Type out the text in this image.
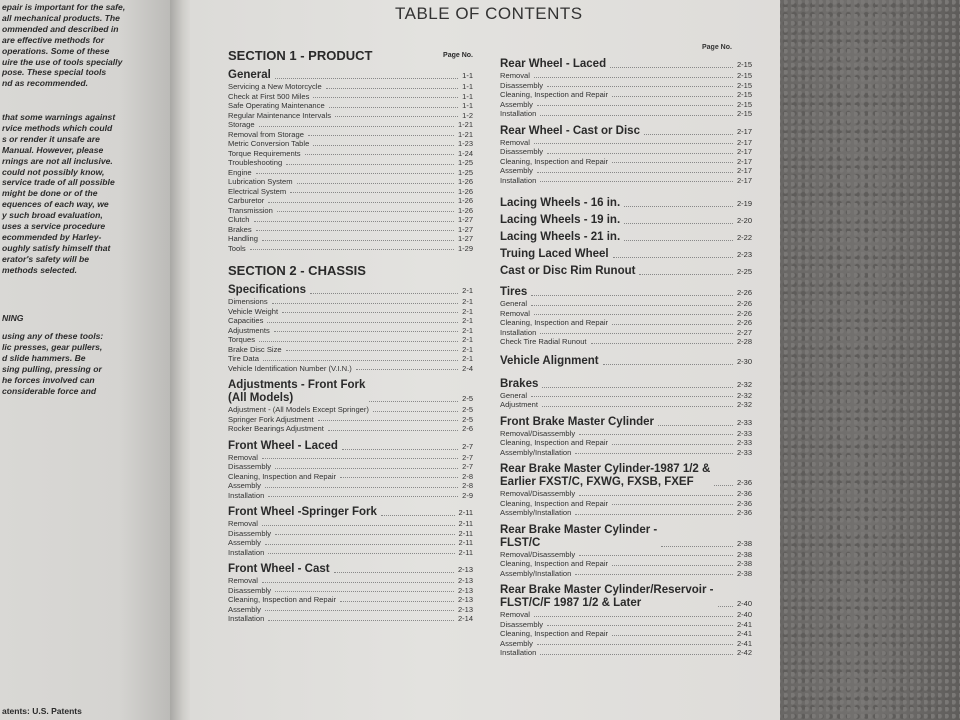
epair is important for the safe,
all mechanical products. The
ommended and described in
are effective methods for
operations. Some of these
uire the use of tools specially
pose. These special tools
nd as recommended.
that some warnings against
rvice methods which could
s or render it unsafe are
Manual. However, please
rnings are not all inclusive.
could not possibly know,
service trade of all possible
might be done or of the
equences of each way, we
y such broad evaluation,
uses a service procedure
ecommended by Harley-
oughly satisfy himself that
erator's safety will be
methods selected.
NING
using any of these tools:
lic presses, gear pullers,
d slide hammers. Be
sing pulling, pressing or
he forces involved can
considerable force and
atents: U.S. Patents
TABLE OF CONTENTS
Page No.
SECTION 1 - PRODUCT	Page No.
General	1-1
Servicing a New Motorcycle	1-1
Check at First 500 Miles	1-1
Safe Operating Maintenance	1-1
Regular Maintenance Intervals	1-2
Storage	1-21
Removal from Storage	1-21
Metric Conversion Table	1-23
Torque Requirements	1-24
Troubleshooting	1-25
Engine	1-25
Lubrication System	1-26
Electrical System	1-26
Carburetor	1-26
Transmission	1-26
Clutch	1-27
Brakes	1-27
Handling	1-27
Tools	1-29
SECTION 2 - CHASSIS
Specifications	2-1
Dimensions	2-1
Vehicle Weight	2-1
Capacities	2-1
Adjustments	2-1
Torques	2-1
Brake Disc Size	2-1
Tire Data	2-1
Vehicle Identification Number (V.I.N.)	2-4
Adjustments - Front Fork
(All Models)	2-5
Adjustment - (All Models Except Springer)	2-5
Springer Fork Adjustment	2-5
Rocker Bearings Adjustment	2-6
Front Wheel - Laced	2-7
Removal	2-7
Disassembly	2-7
Cleaning, Inspection and Repair	2-8
Assembly	2-8
Installation	2-9
Front Wheel -Springer Fork	2-11
Removal	2-11
Disassembly	2-11
Assembly	2-11
Installation	2-11
Front Wheel - Cast	2-13
Removal	2-13
Disassembly	2-13
Cleaning, Inspection and Repair	2-13
Assembly	2-13
Installation	2-14
Rear Wheel - Laced	2-15
Removal	2-15
Disassembly	2-15
Cleaning, Inspection and Repair	2-15
Assembly	2-15
Installation	2-15
Rear Wheel - Cast or Disc	2-17
Removal	2-17
Disassembly	2-17
Cleaning, Inspection and Repair	2-17
Assembly	2-17
Installation	2-17
Lacing Wheels - 16 in.	2-19
Lacing Wheels - 19 in.	2-20
Lacing Wheels - 21 in.	2-22
Truing Laced Wheel	2-23
Cast or Disc Rim Runout	2-25
Tires	2-26
General	2-26
Removal	2-26
Cleaning, Inspection and Repair	2-26
Installation	2-27
Check Tire Radial Runout	2-28
Vehicle Alignment	2-30
Brakes	2-32
General	2-32
Adjustment	2-32
Front Brake Master Cylinder	2-33
Removal/Disassembly	2-33
Cleaning, Inspection and Repair	2-33
Assembly/Installation	2-33
Rear Brake Master Cylinder-1987 1/2 &
Earlier FXST/C, FXWG, FXSB, FXEF	2-36
Removal/Disassembly	2-36
Cleaning, Inspection and Repair	2-36
Assembly/Installation	2-36
Rear Brake Master Cylinder -
FLST/C	2-38
Removal/Disassembly	2-38
Cleaning, Inspection and Repair	2-38
Assembly/Installation	2-38
Rear Brake Master Cylinder/Reservoir -
FLST/C/F 1987 1/2 & Later	2-40
Removal	2-40
Disassembly	2-41
Cleaning, Inspection and Repair	2-41
Assembly	2-41
Installation	2-42
